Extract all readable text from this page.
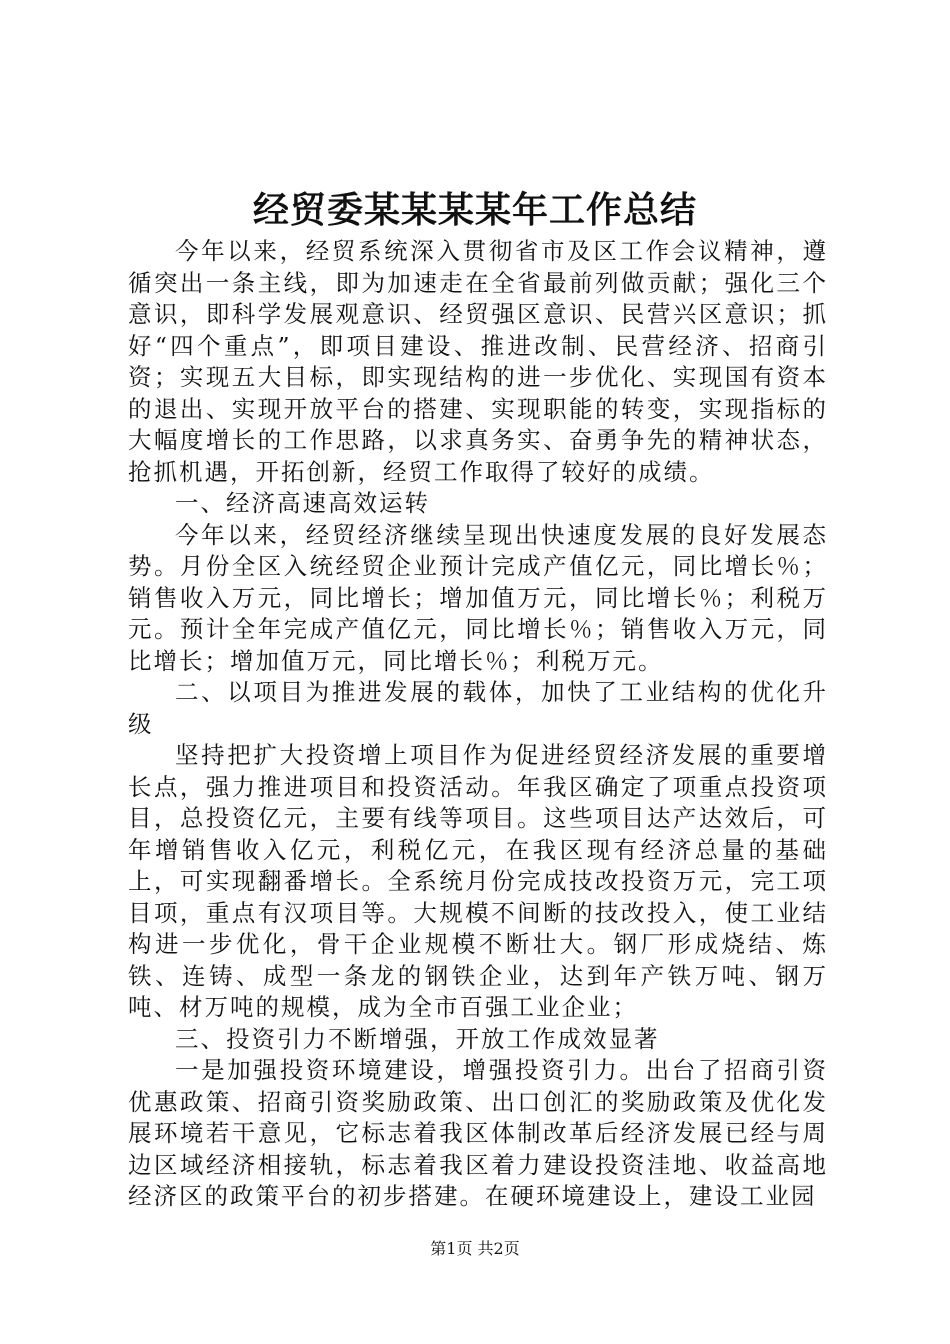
经贸委某某某某年工作总结

今年以来，经贸系统深入贯彻省市及区工作会议精神，遵循突出一条主线，即为加速走在全省最前列做贡献；强化三个意识，即科学发展观意识、经贸强区意识、民营兴区意识；抓好“四个重点”，即项目建设、推进改制、民营经济、招商引资；实现五大目标，即实现结构的进一步优化、实现国有资本的退出、实现开放平台的搭建、实现职能的转变，实现指标的大幅度增长的工作思路，以求真务实、奋勇争先的精神状态，抢抓机遇，开拓创新，经贸工作取得了较好的成绩。

一、经济高速高效运转

今年以来，经贸经济继续呈现出快速度发展的良好发展态势。月份全区入统经贸企业预计完成产值亿元，同比增长％；销售收入万元，同比增长；增加值万元，同比增长％；利税万元。预计全年完成产值亿元，同比增长％；销售收入万元，同比增长；增加值万元，同比增长％；利税万元。

二、以项目为推进发展的载体，加快了工业结构的优化升级

坚持把扩大投资增上项目作为促进经贸经济发展的重要增长点，强力推进项目和投资活动。年我区确定了项重点投资项目，总投资亿元，主要有线等项目。这些项目达产达效后，可年增销售收入亿元，利税亿元，在我区现有经济总量的基础上，可实现翻番增长。全系统月份完成技改投资万元，完工项目项，重点有汉项目等。大规模不间断的技改投入，使工业结构进一步优化，骨干企业规模不断壮大。钢厂形成烧结、炼铁、连铸、成型一条龙的钢铁企业，达到年产铁万吨、钢万吨、材万吨的规模，成为全市百强工业企业；

三、投资引力不断增强，开放工作成效显著

一是加强投资环境建设，增强投资引力。出台了招商引资优惠政策、招商引资奖励政策、出口创汇的奖励政策及优化发展环境若干意见，它标志着我区体制改革后经济发展已经与周边区域经济相接轨，标志着我区着力建设投资洼地、收益高地经济区的政策平台的初步搭建。在硬环境建设上，建设工业园

第1页 共2页
